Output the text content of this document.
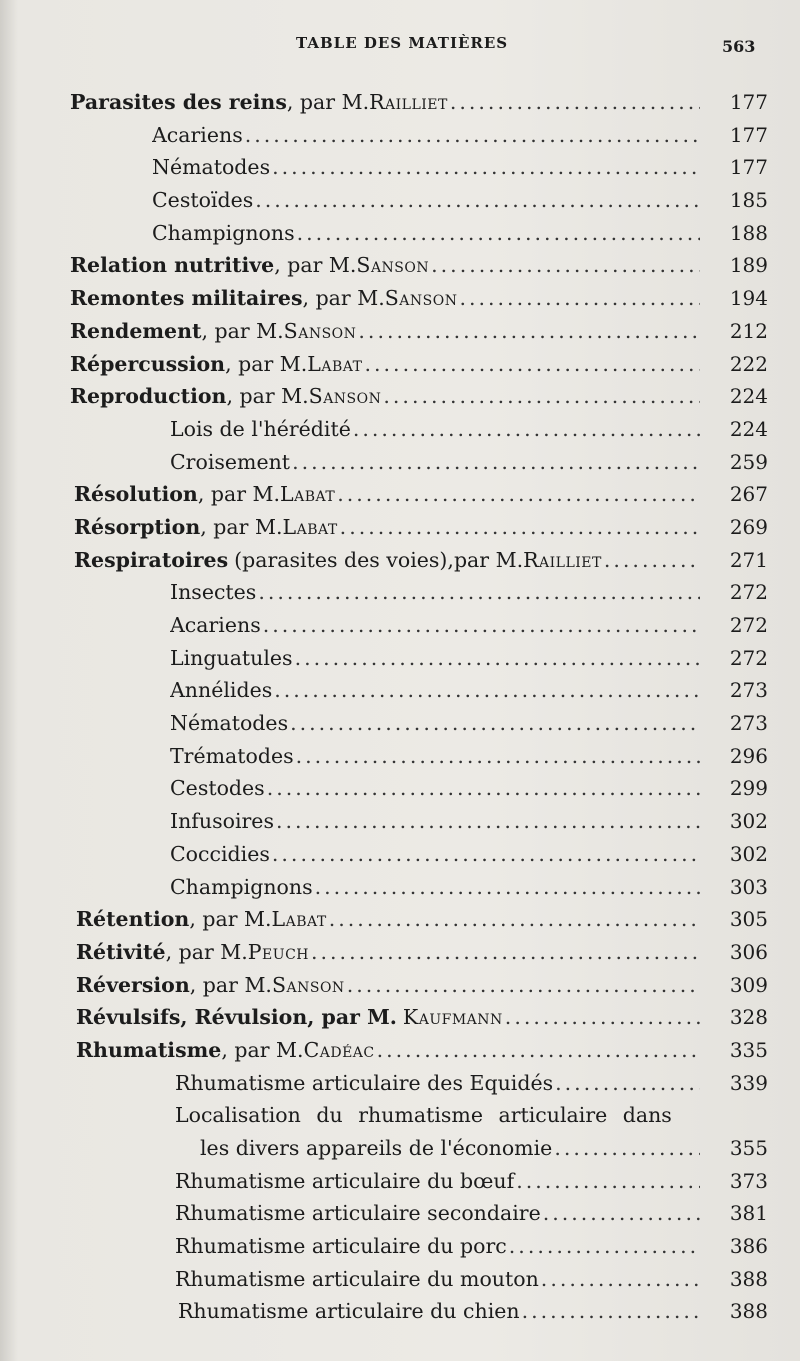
TABLE DES MATIÈRES	563
Parasites des reins , par M. Railliet .....	177
Acariens .....	177
Nématodes .....	177
Cestoïdes .....	185
Champignons .....	188
Relation nutritive , par M. Sanson .....	189
Remontes militaires , par M. Sanson .....	194
Rendement , par M. Sanson .....	212
Répercussion , par M. Labat .....	222
Reproduction , par M. Sanson .....	224
Lois de l'hérédité .....	224
Croisement .....	259
Résolution , par M. Labat .....	267
Résorption , par M. Labat .....	269
Respiratoires (parasites des voies), par M. Railliet .....	271
Insectes .....	272
Acariens .....	272
Linguatules .....	272
Annélides .....	273
Nématodes .....	273
Trématodes .....	296
Cestodes .....	299
Infusoires .....	302
Coccidies .....	302
Champignons .....	303
Rétention , par M. Labat .....	305
Rétivité , par M. Peuch .....	306
Réversion , par M. Sanson .....	309
Révulsifs, Révulsion, par M. Kaufmann .....	328
Rhumatisme , par M. Cadéac .....	335
Rhumatisme articulaire des Equidés .....	339
Localisation du rhumatisme articulaire dans
les divers appareils de l'économie .....	355
Rhumatisme articulaire du bœuf .....	373
Rhumatisme articulaire secondaire .....	381
Rhumatisme articulaire du porc .....	386
Rhumatisme articulaire du mouton .....	388
Rhumatisme articulaire du chien .....	388
